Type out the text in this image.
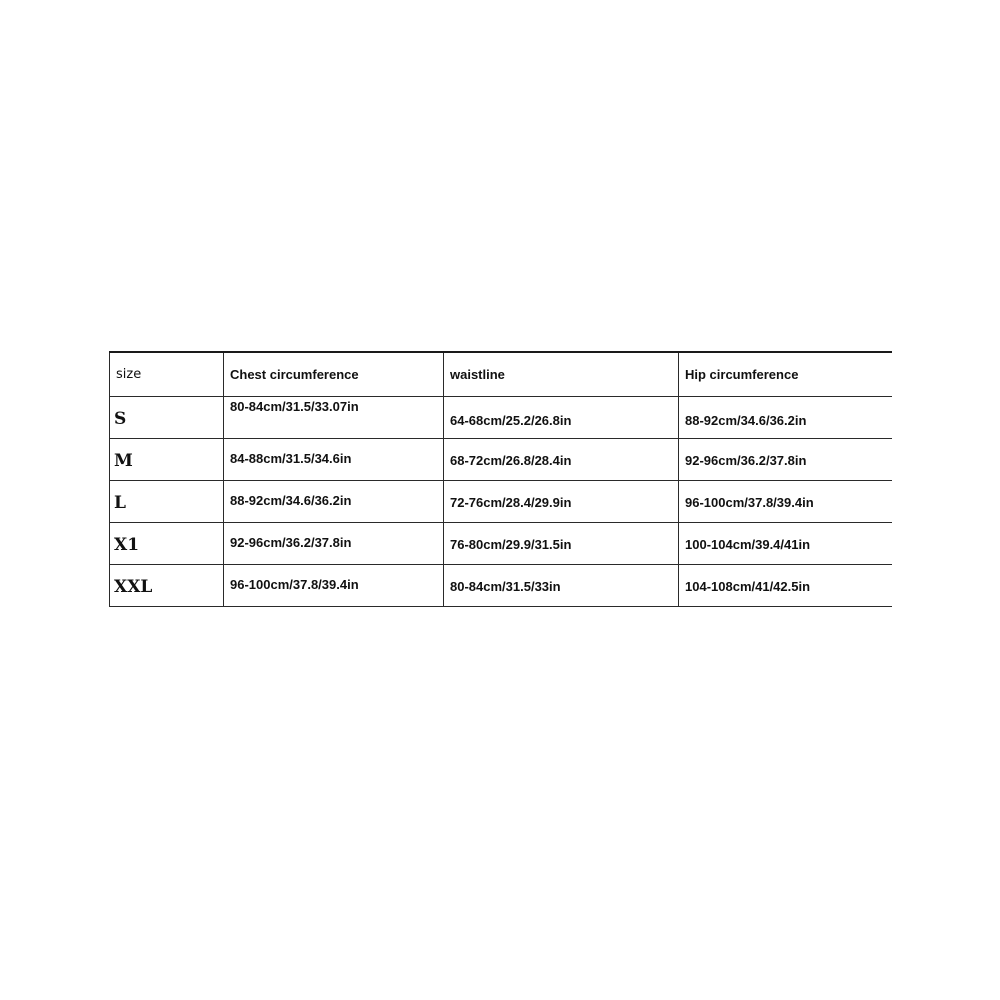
size	Chest circumference	waistline	Hip circumference
S	80-84cm/31.5/33.07in	64-68cm/25.2/26.8in	88-92cm/34.6/36.2in
M	84-88cm/31.5/34.6in	68-72cm/26.8/28.4in	92-96cm/36.2/37.8in
L	88-92cm/34.6/36.2in	72-76cm/28.4/29.9in	96-100cm/37.8/39.4in
X1	92-96cm/36.2/37.8in	76-80cm/29.9/31.5in	100-104cm/39.4/41in
XXL	96-100cm/37.8/39.4in	80-84cm/31.5/33in	104-108cm/41/42.5in
